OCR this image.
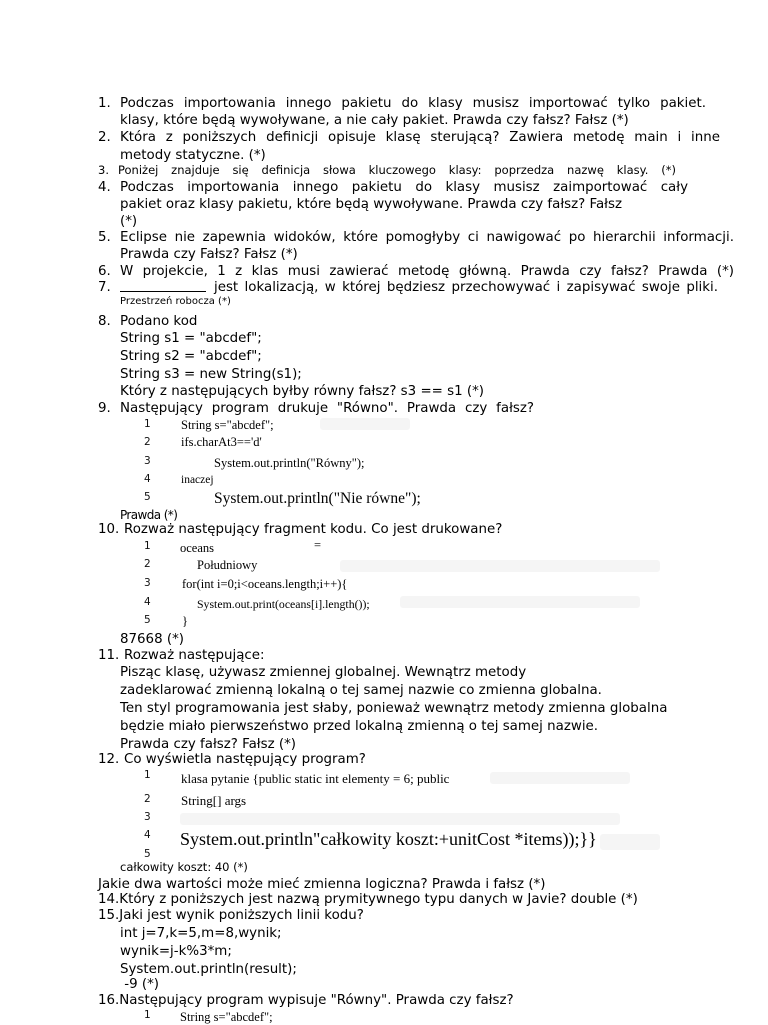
1. Podczas importowania innego pakietu do klasy musisz importować tylko pakiet.
klasy, które będą wywoływane, a nie cały pakiet. Prawda czy fałsz? Fałsz (*)
2. Która z poniższych definicji opisuje klasę sterującą? Zawiera metodę main i inne
metody statyczne. (*)
3. Poniżej znajduje się definicja słowa kluczowego klasy: poprzedza nazwę klasy. (*)
4. Podczas importowania innego pakietu do klasy musisz zaimportować cały
pakiet oraz klasy pakietu, które będą wywoływane. Prawda czy fałsz? Fałsz
(*)
5. Eclipse nie zapewnia widoków, które pomogłyby ci nawigować po hierarchii informacji.
Prawda czy Fałsz? Fałsz (*)
6. W projekcie, 1 z klas musi zawierać metodę główną. Prawda czy fałsz? Prawda (*)
7.	jest lokalizacją, w której będziesz przechowywać i zapisywać swoje pliki.
Przestrzeń robocza (*)
8. Podano kod
String s1 = "abcdef";
String s2 = "abcdef";
String s3 = new String(s1);
Który z następujących byłby równy fałsz? s3 == s1 (*)
9. Następujący program drukuje "Równo". Prawda czy fałsz?
1 String s="abcdef";
2 ifs.charAt3=='d'
3	System.out.println("Równy");
4	inaczej
5	System.out.println("Nie równe");
Prawda (*)
10. Rozważ następujący fragment kodu. Co jest drukowane?
1 oceans	=
2	Południowy
3	for(int i=0;i<oceans.length;i++){
4	System.out.print(oceans[i].length());
5	}
87668 (*)
11. Rozważ następujące:
Pisząc klasę, używasz zmiennej globalnej. Wewnątrz metody
zadeklarować zmienną lokalną o tej samej nazwie co zmienna globalna.
Ten styl programowania jest słaby, ponieważ wewnątrz metody zmienna globalna
będzie miało pierwszeństwo przed lokalną zmienną o tej samej nazwie.
Prawda czy fałsz? Fałsz (*)
12. Co wyświetla następujący program?
1 klasa pytanie {public static int elementy = 6; public
2 String[] args
3
4 System.out.println"całkowity koszt:+unitCost *items));}}
5
całkowity koszt: 40 (*)
Jakie dwa wartości może mieć zmienna logiczna? Prawda i fałsz (*)
14.Który z poniższych jest nazwą prymitywnego typu danych w Javie? double (*)
15.Jaki jest wynik poniższych linii kodu?
int j=7,k=5,m=8,wynik;
wynik=j-k%3*m;
System.out.println(result);
-9 (*)
16.Następujący program wypisuje "Równy". Prawda czy fałsz?
1 String s="abcdef";
